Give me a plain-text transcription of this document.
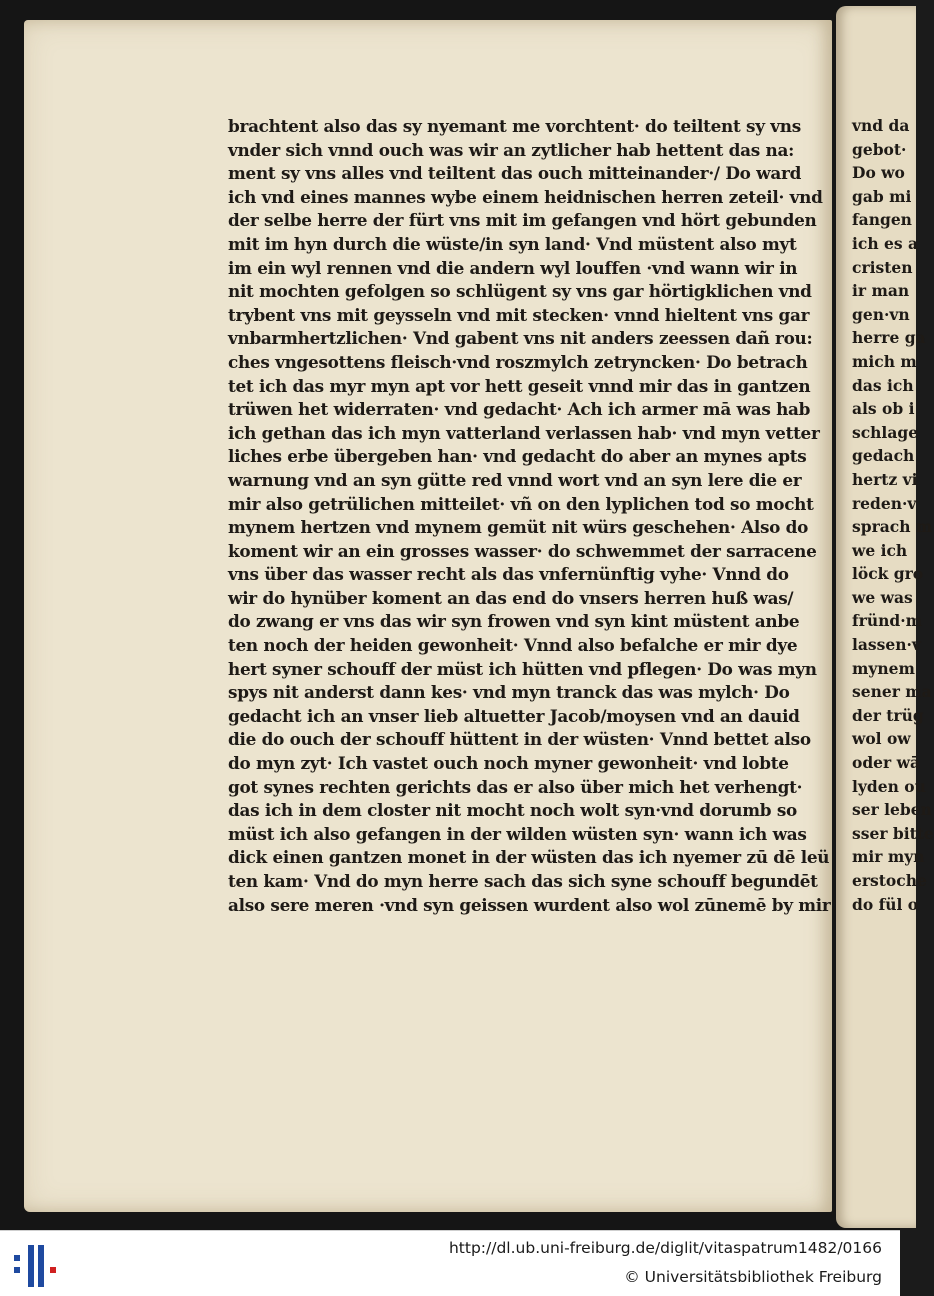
brachtent also das sy nyemant me vorchtent· do teiltent sy vns
vnder sich vnnd ouch was wir an zytlicher hab hettent das na:
ment sy vns alles vnd teiltent das ouch mitteinander·/ Do ward
ich vnd eines mannes wybe einem heidnischen herren zeteil· vnd
der selbe herre der fürt vns mit im gefangen vnd hört gebunden
mit im hyn durch die wüste/in syn land· Vnd müstent also myt
im ein wyl rennen vnd die andern wyl louffen ·vnd wann wir in
nit mochten gefolgen so schlügent sy vns gar hörtigklichen vnd
trybent vns mit geysseln vnd mit stecken· vnnd hieltent vns gar
vnbarmhertzlichen· Vnd gabent vns nit anders zeessen dañ rou:
ches vngesottens fleisch·vnd roszmylch zetryncken· Do betrach
tet ich das myr myn apt vor hett geseit vnnd mir das in gantzen
trüwen het widerraten· vnd gedacht· Ach ich armer mā was hab
ich gethan das ich myn vatterland verlassen hab· vnd myn vetter
liches erbe übergeben han· vnd gedacht do aber an mynes apts
warnung vnd an syn gütte red vnnd wort vnd an syn lere die er
mir also getrülichen mitteilet· vñ on den lyplichen tod so mocht
mynem hertzen vnd mynem gemüt nit würs geschehen· Also do
koment wir an ein grosses wasser· do schwemmet der sarracene
vns über das wasser recht als das vnfernünftig vyhe· Vnnd do
wir do hynüber koment an das end do vnsers herren huß was/
do zwang er vns das wir syn frowen vnd syn kint müstent anbe
ten noch der heiden gewonheit· Vnnd also befalche er mir dye
hert syner schouff der müst ich hütten vnd pflegen· Do was myn
spys nit anderst dann kes· vnd myn tranck das was mylch· Do
gedacht ich an vnser lieb altuetter Jacob/moysen vnd an dauid
die do ouch der schouff hüttent in der wüsten· Vnnd bettet also
do myn zyt· Ich vastet ouch noch myner gewonheit· vnd lobte
got synes rechten gerichts das er also über mich het verhengt·
das ich in dem closter nit mocht noch wolt syn·vnd dorumb so
müst ich also gefangen in der wilden wüsten syn· wann ich was
dick einen gantzen monet in der wüsten das ich nyemer zū dē leü
ten kam· Vnd do myn herre sach das sich syne schouff begundēt
also sere meren ·vnd syn geissen wurdent also wol zūnemē by mir
vnd da
gebot·
Do wo
gab mi
fangen
ich es a
cristen
ir man
gen·vn
herre ga
mich m
das ich
als ob i
schlage
gedach
hertz vi
reden·v
sprach m
we ich
löck gro
we was
fründ·m
lassen·v
mynem
sener ma
der trüg
wol ow
oder wā
lyden ou
ser leben
sser bitte
mir myn
erstoche
do fül o
http://dl.ub.uni-freiburg.de/diglit/vitaspatrum1482/0166
© Universitätsbibliothek Freiburg
